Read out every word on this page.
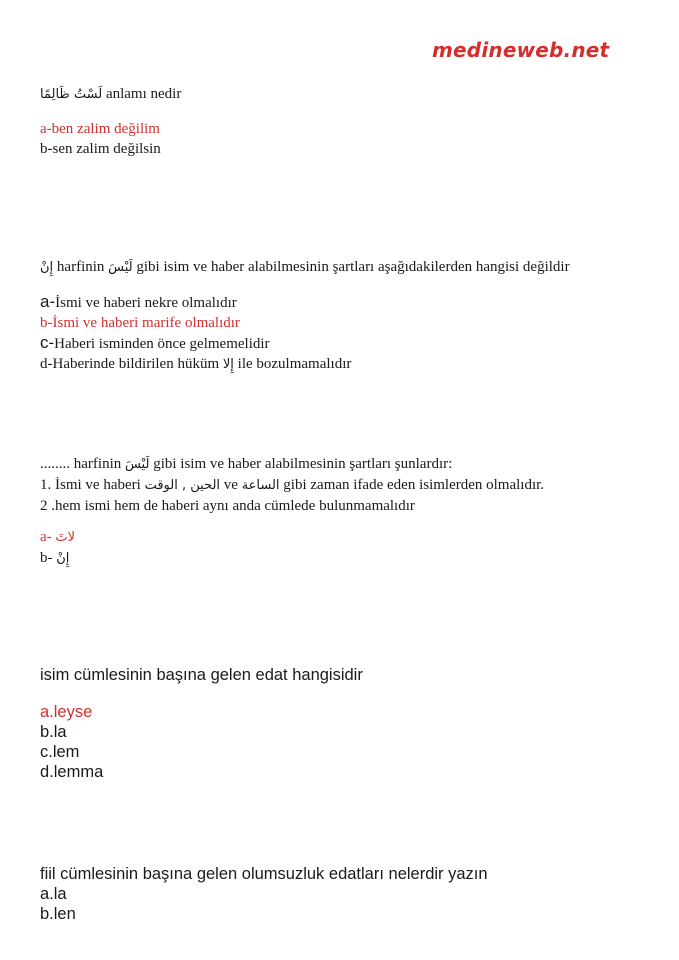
medineweb.net
لَسْتُ ظَالِمًا anlamı nedir
a-ben zalim değilim
b-sen zalim değilsin
إِنْ harfinin لَيْسَ gibi isim ve haber alabilmesinin şartları aşağıdakilerden hangisi değildir
a-İsmi ve haberi nekre olmalıdır
b-İsmi ve haberi marife olmalıdır
c-Haberi isminden önce gelmemelidir
d-Haberinde bildirilen hüküm إِلا ile bozulmamalıdır
........ harfinin لَيْسَ gibi isim ve haber alabilmesinin şartları şunlardır:
1. İsmi ve haberi الحين , الوقت ve الساعة gibi zaman ifade eden isimlerden olmalıdır.
2 .hem ismi hem de haberi aynı anda cümlede bulunmamalıdır
a- لاتَ
b- إِنْ
isim cümlesinin başına gelen edat hangisidir
a.leyse
b.la
c.lem
d.lemma
fiil cümlesinin başına gelen olumsuzluk edatları nelerdir yazın
a.la
b.len
